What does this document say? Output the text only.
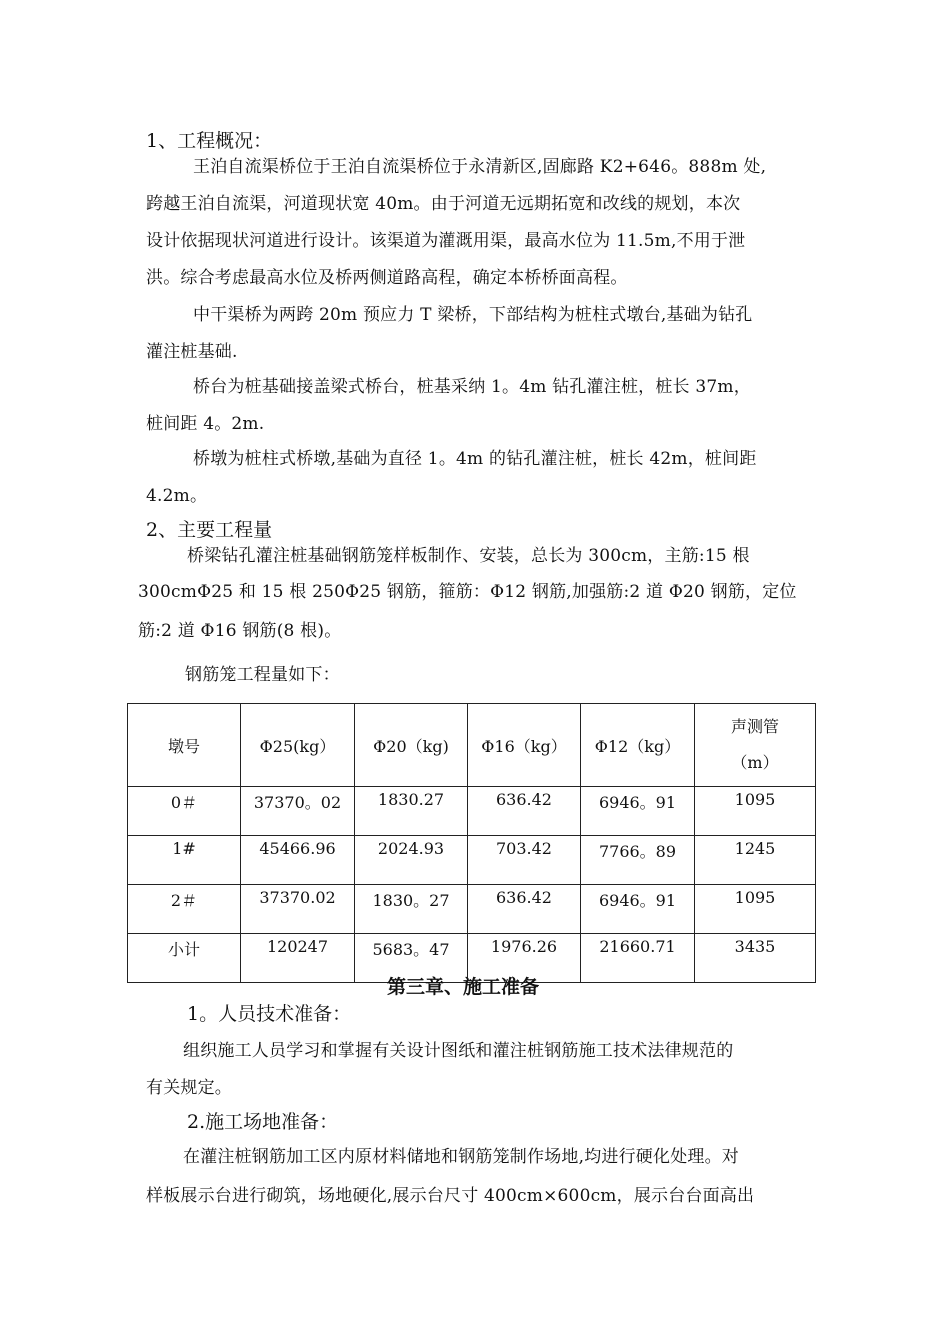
1、工程概况：
王泊自流渠桥位于王泊自流渠桥位于永清新区,固廊路 K2+646。888m 处,
跨越王泊自流渠，河道现状宽 40m。由于河道无远期拓宽和改线的规划，本次
设计依据现状河道进行设计。该渠道为灌溉用渠，最高水位为 11.5m,不用于泄
洪。综合考虑最高水位及桥两侧道路高程，确定本桥桥面高程。
中干渠桥为两跨 20m 预应力 T 梁桥，下部结构为桩柱式墩台,基础为钻孔
灌注桩基础.
桥台为桩基础接盖梁式桥台，桩基采纳 1。4m 钻孔灌注桩，桩长 37m，
桩间距 4。2m.
桥墩为桩柱式桥墩,基础为直径 1。4m 的钻孔灌注桩，桩长 42m，桩间距
4.2m。
2、主要工程量
桥梁钻孔灌注桩基础钢筋笼样板制作、安装，总长为 300cm，主筋:15 根
300cmΦ25 和 15 根 250Φ25 钢筋，箍筋：Φ12 钢筋,加强筋:2 道 Φ20 钢筋，定位
筋:2 道 Φ16 钢筋(8 根)。
钢筋笼工程量如下：
墩号	Φ25(kg）	Φ20（kg)	Φ16（kg）	Φ12（kg）	声测管
（m）

0＃	37370。02	1830.27	636.42	6946。91	1095
1#	45466.96	2024.93	703.42	7766。89	1245
2＃	37370.02	1830。27	636.42	6946。91	1095
小计	120247	5683。47	1976.26	21660.71	3435
第三章、施工准备
1。人员技术准备：
组织施工人员学习和掌握有关设计图纸和灌注桩钢筋施工技术法律规范的
有关规定。
2.施工场地准备：
在灌注桩钢筋加工区内原材料储地和钢筋笼制作场地,均进行硬化处理。对
样板展示台进行砌筑，场地硬化,展示台尺寸 400cm×600cm，展示台台面高出
